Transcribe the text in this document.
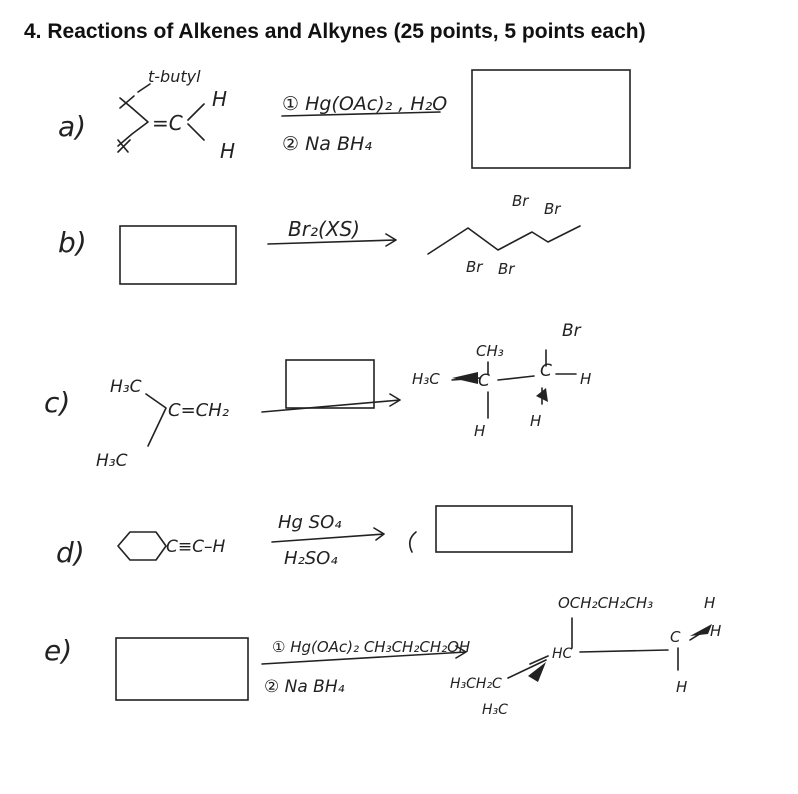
4. Reactions of Alkenes and Alkynes (25 points, 5 points each)
a)
t-butyl
=C
H
H
① Hg(OAc)₂ , H₂O
② Na BH₄
b)	Br₂(XS)
Br Br
Br Br
c) H₃C
H₃C
C=CH₂
CH₃
Br
H₃C C	C H
H
H
d)	C≡C–H
Hg SO₄
H₂SO₄
e)	① Hg(OAc)₂ CH₃CH₂CH₂OH
② Na BH₄
OCH₂CH₂CH₃	H
H
H
H₃CH₂C
H₃C
HC
C
